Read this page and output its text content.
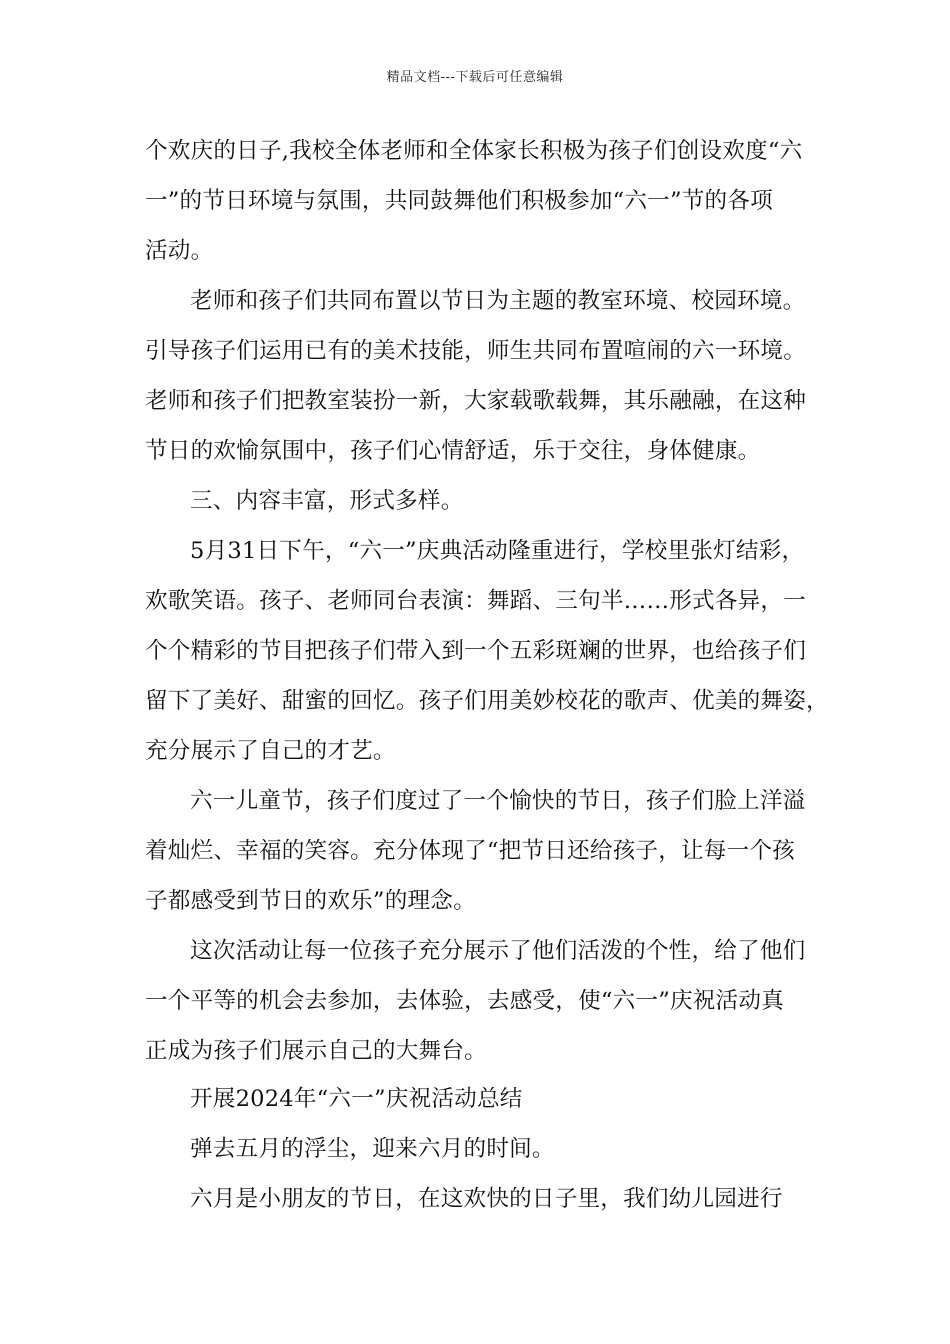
精品文档---下载后可任意编辑
个欢庆的日子,我校全体老师和全体家长积极为孩子们创设欢度“六
一”的节日环境与氛围，共同鼓舞他们积极参加“六一”节的各项
活动。
老师和孩子们共同布置以节日为主题的教室环境、校园环境。
引导孩子们运用已有的美术技能，师生共同布置喧闹的六一环境。
老师和孩子们把教室装扮一新，大家载歌载舞，其乐融融，在这种
节日的欢愉氛围中，孩子们心情舒适，乐于交往，身体健康。
三、内容丰富，形式多样。
5月31日下午，“六一”庆典活动隆重进行，学校里张灯结彩，
欢歌笑语。孩子、老师同台表演：舞蹈、三句半……形式各异，一
个个精彩的节目把孩子们带入到一个五彩斑斓的世界，也给孩子们
留下了美好、甜蜜的回忆。孩子们用美妙校花的歌声、优美的舞姿，
充分展示了自己的才艺。
六一儿童节，孩子们度过了一个愉快的节日，孩子们脸上洋溢
着灿烂、幸福的笑容。充分体现了“把节日还给孩子，让每一个孩
子都感受到节日的欢乐”的理念。
这次活动让每一位孩子充分展示了他们活泼的个性，给了他们
一个平等的机会去参加，去体验，去感受，使“六一”庆祝活动真
正成为孩子们展示自己的大舞台。
开展2024年“六一”庆祝活动总结
弹去五月的浮尘，迎来六月的时间。
六月是小朋友的节日，在这欢快的日子里，我们幼儿园进行
